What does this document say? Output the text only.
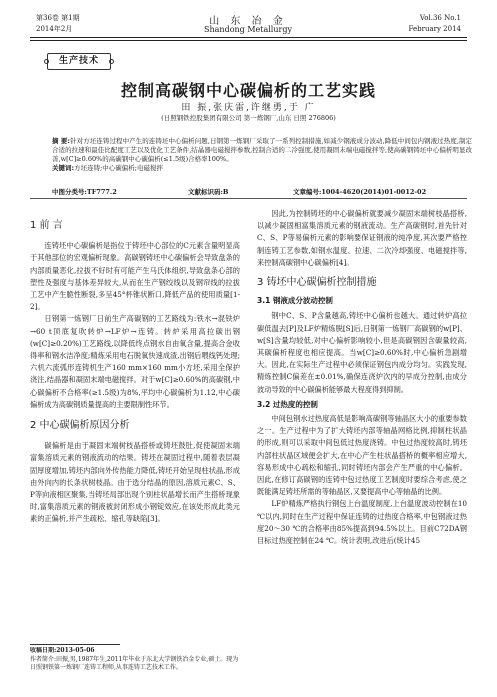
第36卷 第1期
2014年2月
山 东 冶 金
Shandong Metallurgy
Vol.36 No.1
February 2014
生产技术
控制高碳钢中心碳偏析的工艺实践
田 振,张庆雷,许继勇,于 广
(日照钢铁控股集团有限公司 第一炼钢厂,山东 日照 276806)
摘 要:针对方坯连铸过程中产生的连铸坯中心偏析问题,日钢第一炼钢厂采取了一系列控制措施,如减少钢液成分波动,降低中间包内钢液过热度,制定合适的拉速和最佳比配度工艺以及优化工艺条件,结晶器电磁搅拌参数,控制合适的二冷强度,使用凝固末端电磁搅拌等,使高碳钢铸坯中心偏析明显改善,w[C]≥0.60%的高碳钢中心碳偏析(≤1.5级)合格率100%。
关键词:方坯连铸;中心碳偏析;电磁搅拌
中图分类号:TF777.2	文献标识码:B	文章编号:1004-4620(2014)01-0012-02
1 前 言

连铸坯中心碳偏析是指位于铸坯中心部位的C元素含量明显高于其他部位的宏观偏析现象。高碳钢铸坯中心碳偏析会导致盘条的内部质量恶化,拉拔不好时有可能产生马氏体组织,导致盘条心部的塑性及强度与基体差异较大,从而在生产钢绞线以及钢帘线的拉拔工艺中产生脆性断裂,多呈45°杯锥状断口,降低产品的使用质量[1-2]。

日钢第一炼钢厂日前生产高碳钢的工艺路线为:铁水→混铁炉→60 t顶底复吹转炉→LF炉→连铸。转炉采用高拉碳出钢(w[C]≥0.20%)工艺路线,以降低终点钢水自由氧含量,提高合金收得率和钢水洁净度;精炼采用电石脱氧快速成渣,出钢后喂线钙处理;六机六流弧形连铸机生产160 mm×160 mm小方坯,采用全保护浇注,结晶器和凝固末端电磁搅拌。对于w[C]≥0.60%的高碳钢,中心碳偏析不合格率(≥1.5级)为8%,平均中心碳偏析为1.12,中心碳偏析成为高碳钢质量提高的主要限制性环节。

2 中心碳偏析原因分析

碳偏析是由于凝固末端树枝晶搭桥或铸坯鼓肚,促使凝固末端富集溶质元素的钢液流动的结果。铸坯在凝固过程中,随着表层凝固厚度增加,铸坯内部向外传热能力降低,铸坯开始呈现柱状晶,形成由外向内的长条状树枝晶。由于选分结晶的原因,溶质元素C、S、P等向液相区聚集,当铸坯局部出现个别柱状晶增长而产生搭桥现象时,富集溶质元素的钢液被封闭形成小钢锭效应,在该处形成此类元素的正偏析,并产生疏松、缩孔等缺陷[3]。

收稿日期:2013-05-06
作者简介:田振,男,1987年生,2011年毕业于东北大学钢铁冶金专业,硕士。现为日照钢铁第一炼钢厂连铸工程师,从事连铸工艺技术工作。

因此,为控制铸坯的中心碳偏析就要减少凝固末端树枝晶搭桥,以减少凝固相富集溶质元素的钢液流动。生产高碳钢时,首先针对C、S、P等易偏析元素的影响要保证钢液的纯净度,其次要严格控制连铸工艺参数,如钢水温度、拉速、二次冷却强度、电磁搅拌等,来控制高碳钢中心碳偏析[4]。

3 铸坯中心碳偏析控制措施
3.1 钢液成分波动控制

钢中C、S、P含量越高,铸坯中心偏析也越大。通过转炉高拉碳低温去[P]及LF炉精炼脱[S]后,日钢第一炼钢厂高碳钢的w[P]、w[S]含量均较低,对中心偏析影响较小,但是高碳钢因含碳量较高,其碳偏析程度也相应提高。当w[C]≥0.60%时,中心偏析急剧增大。因此,在实际生产过程中必须保证钢包内成分均匀。实践发现,精炼控制C偏差在±0.01%,确保连浇炉次内的早成分控制,由成分波动导致的中心碳偏析能够最大程度得到抑制。

3.2 过热度的控制

中间包钢水过热度高低是影响高碳钢等轴晶区大小的重要参数之一。生产过程中为了扩大铸坯内部等轴晶网格比例,抑制柱状晶的形成,则可以采取中间包低过热度浇铸。中包过热度较高时,铸坯内部柱状晶区域便会扩大,在中心产生柱状晶搭桥的概率相应增大,容易形成中心疏松和缩孔,同时铸坯内部会产生严重的中心偏析。因此,在修订高碳钢的连铸中包过热度工艺制度时要综合考虑,使之既能满足铸坯所需的等轴晶区,又要提高中心等轴晶的比例。

LF炉精炼严格执行钢包上台温度制度,上台温度波动控制在10 ℃以内,同时在生产过程中保证连铸的过热度合格率,中包钢液过热度20～30 ℃的合格率由85%提高到94.5%以上。目前C72DA钢目标过热度控制在24 ℃。统计表明,改进后(统计45
